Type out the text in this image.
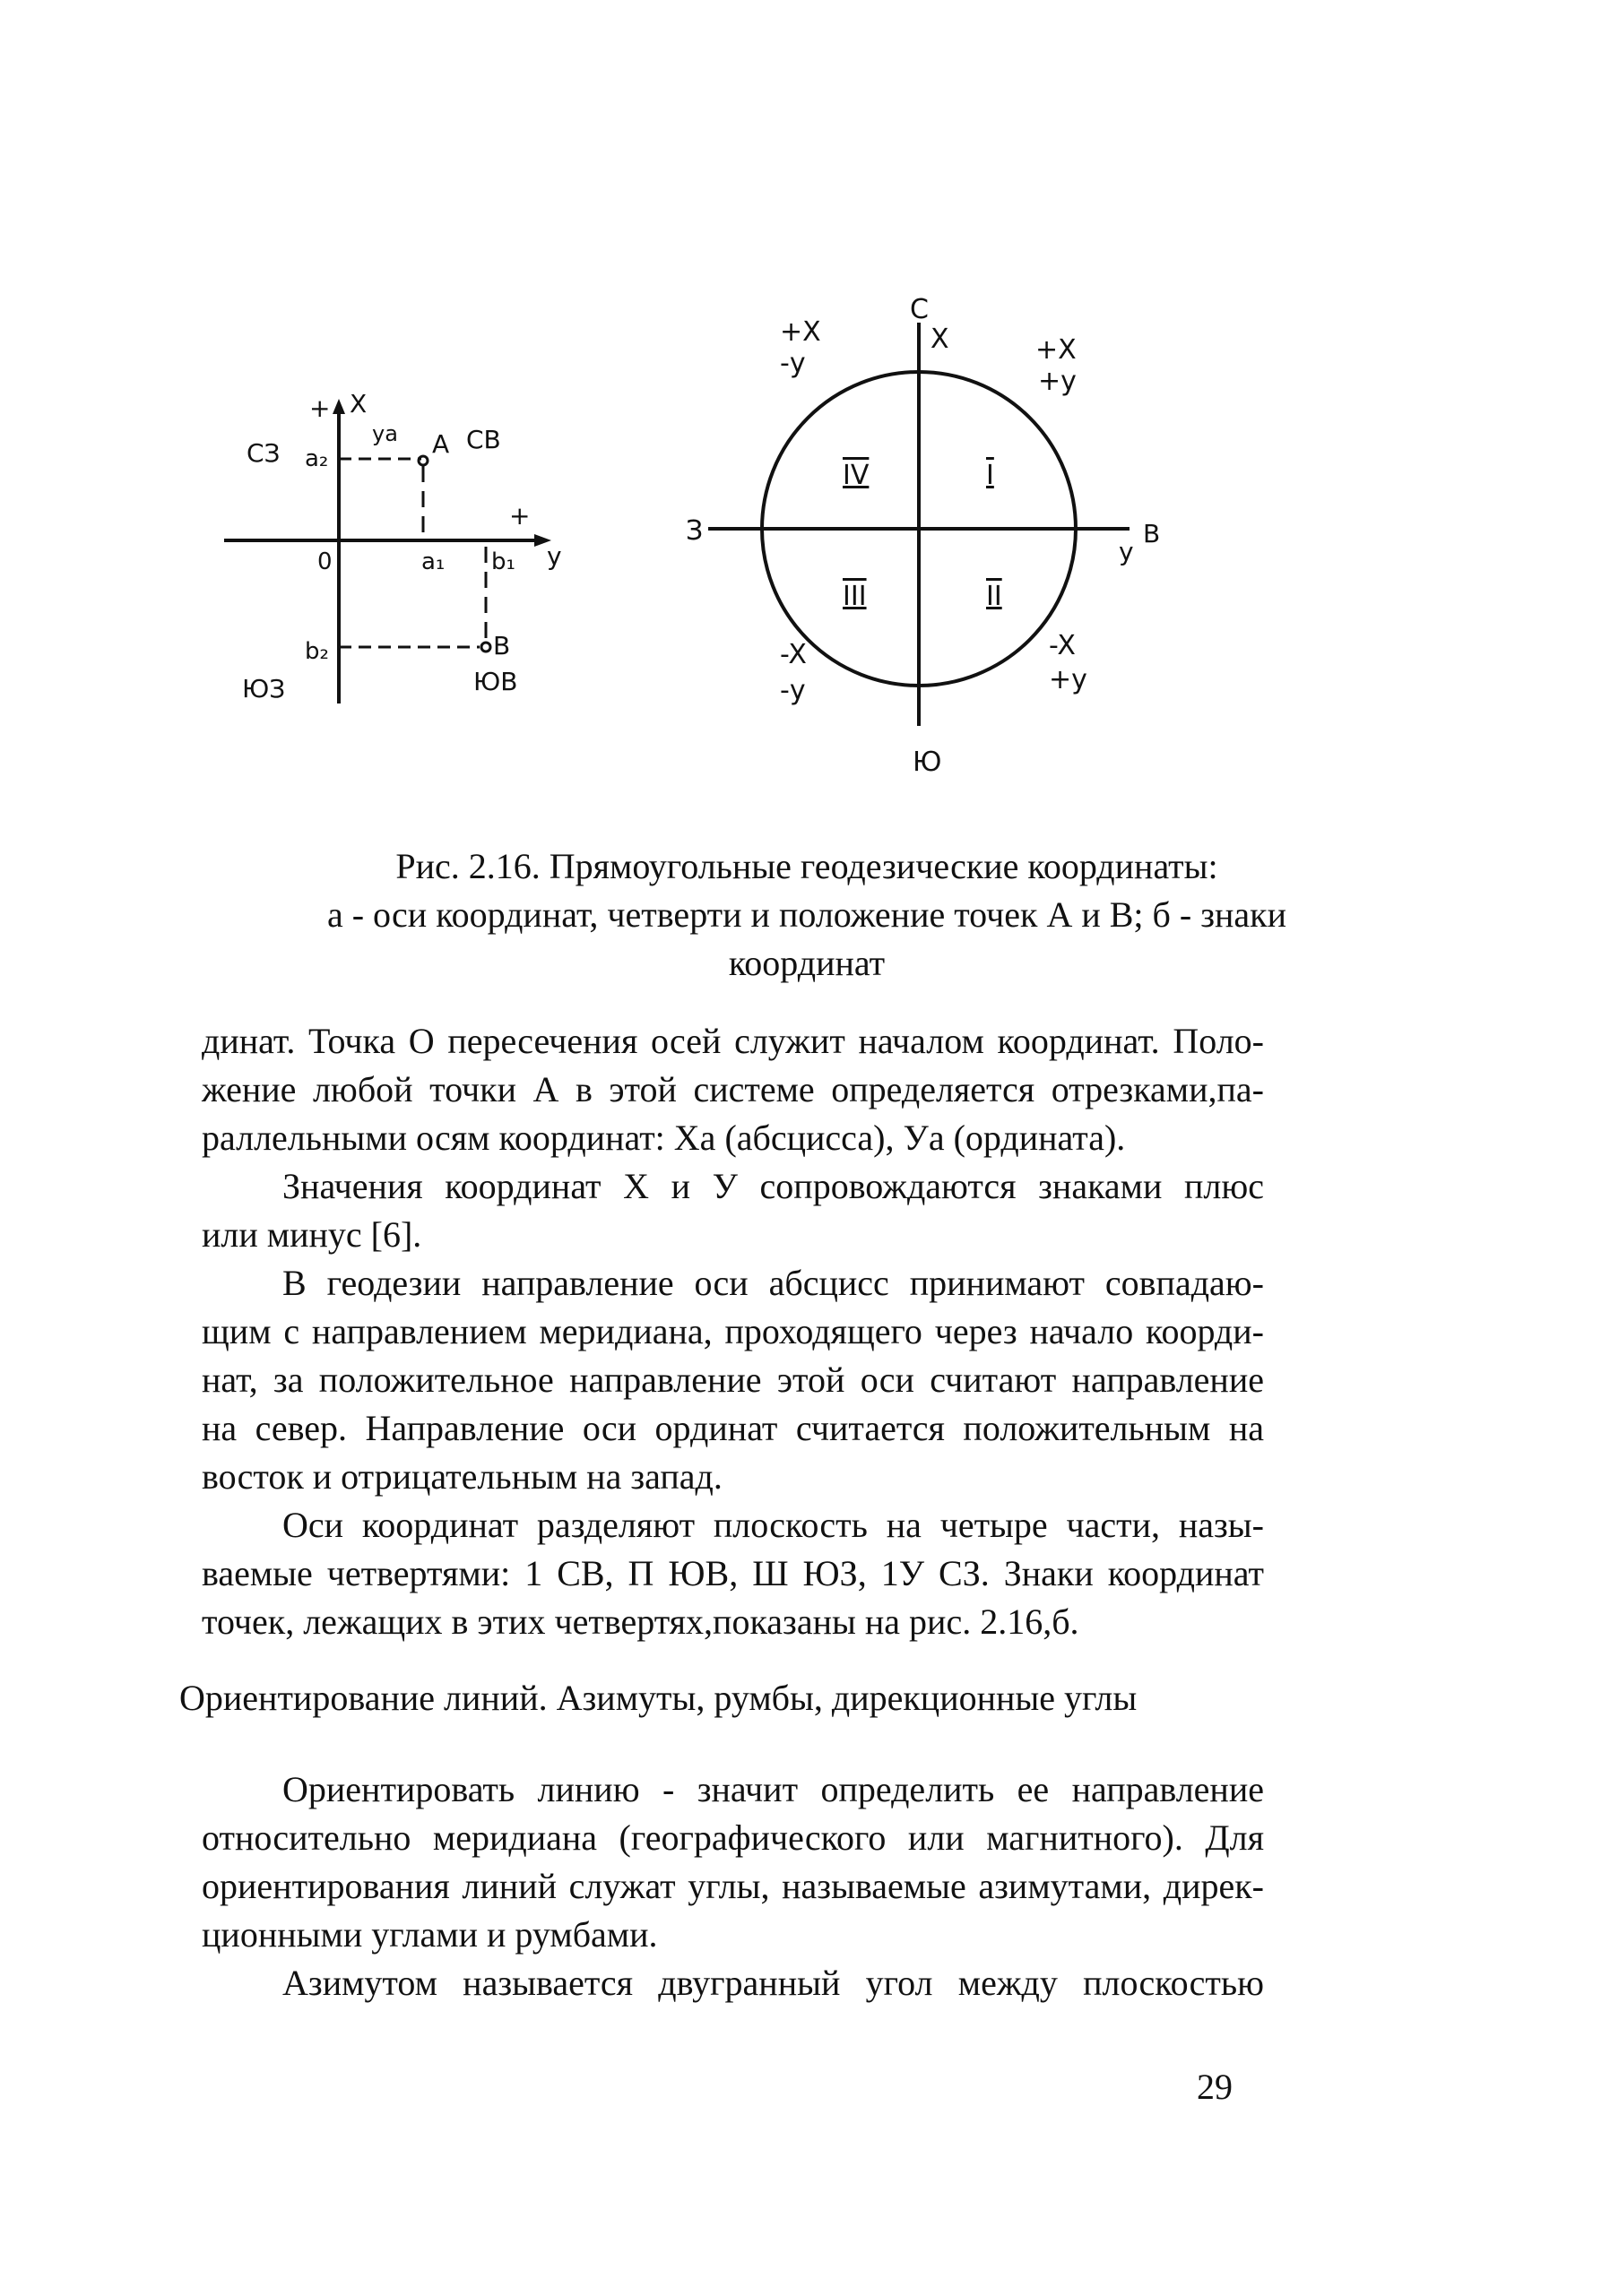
СЗ	СВ
ЮЗ	ЮВ
+ X
уa A
a₂
+
0	a₁ b₁ у
b₂	B
С
X
Ю
З	В
у
IV	I
III	II
+X
-у	+X
+у
-X
-у
-X
+у
Рис. 2.16. Прямоугольные геодезические координаты:
а - оси координат, четверти и положение точек А и В; б - знаки
координат

динат. Точка О пересечения осей служит началом координат. Поло-
жение любой точки А в этой системе определяется отрезками,па-
раллельными осям координат: Ха (абсцисса), Уа (ордината).

Значения координат X и У сопровождаются знаками плюс
или минус [6].

В геодезии направление оси абсцисс принимают совпадаю-
щим с направлением меридиана, проходящего через начало коорди-
нат, за положительное направление этой оси считают направление
на север. Направление оси ординат считается положительным на
восток и отрицательным на запад.

Оси координат разделяют плоскость на четыре части, назы-
ваемые четвертями: 1 СВ, П ЮВ, Ш ЮЗ, 1У СЗ. Знаки координат
точек, лежащих в этих четвертях,показаны на рис. 2.16,б.

Ориентирование линий. Азимуты, румбы, дирекционные углы
Ориентировать линию - значит определить ее направление
относительно меридиана (географического или магнитного). Для
ориентирования линий служат углы, называемые азимутами, дирек-
ционными углами и румбами.
Азимутом называется двугранный угол между плоскостью
29
